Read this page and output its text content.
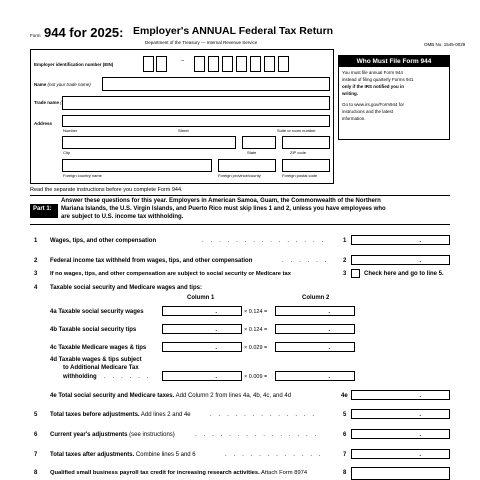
Form 944 for 2025: Employer's ANNUAL Federal Tax Return
Department of the Treasury — Internal Revenue Service	OMB No. 1545-0029
Employer identification number (EIN)
–
Name (not your trade name)
Trade name
Address
Number	Street	Suite or room number
City	State	ZIP code
Foreign country name	Foreign province/county	Foreign postal code
Who Must File Form 944
You must file annual Form 944
instead of filing quarterly Forms 941
only if the IRS notified you in
writing.
Go to www.irs.gov/Form944 for
instructions and the latest
information.
Read the separate instructions before you complete Form 944.
Part 1:
Answer these questions for this year. Employers in American Samoa, Guam, the Commonwealth of the Northern
Mariana Islands, the U.S. Virgin Islands, and Puerto Rico must skip lines 1 and 2, unless you have employees who
are subject to U.S. income tax withholding.
1 Wages, tips, and other compensation	. . . . . . . . . . . . . . .	1	.
2 Federal income tax withheld from wages, tips, and other compensation	. . . . . . 2	.
3 If no wages, tips, and other compensation are subject to social security or Medicare tax	3	Check here and go to line 5.
4 Taxable social security and Medicare wages and tips:
Column 1	Column 2
4a Taxable social security wages	.	× 0.124 =	.
4b Taxable social security tips	.	× 0.124 =	.
4c Taxable Medicare wages & tips	.	× 0.029 =	.
4d Taxable wages & tips subject
to Additional Medicare Tax
withholding . . . . . .	.	× 0.009 =	.
4e Total social security and Medicare taxes. Add Column 2 from lines 4a, 4b, 4c, and 4d	4e	.
5 Total taxes before adjustments. Add lines 2 and 4e	. . . . . . . . . . . . .	5	.
6 Current year's adjustments (see instructions)	. . . . . . . . . . . . . . .	6	.
7 Total taxes after adjustments. Combine lines 5 and 6	. . . . . . . . . . . .	7	.
8 Qualified small business payroll tax credit for increasing research activities. Attach Form 8974	8
